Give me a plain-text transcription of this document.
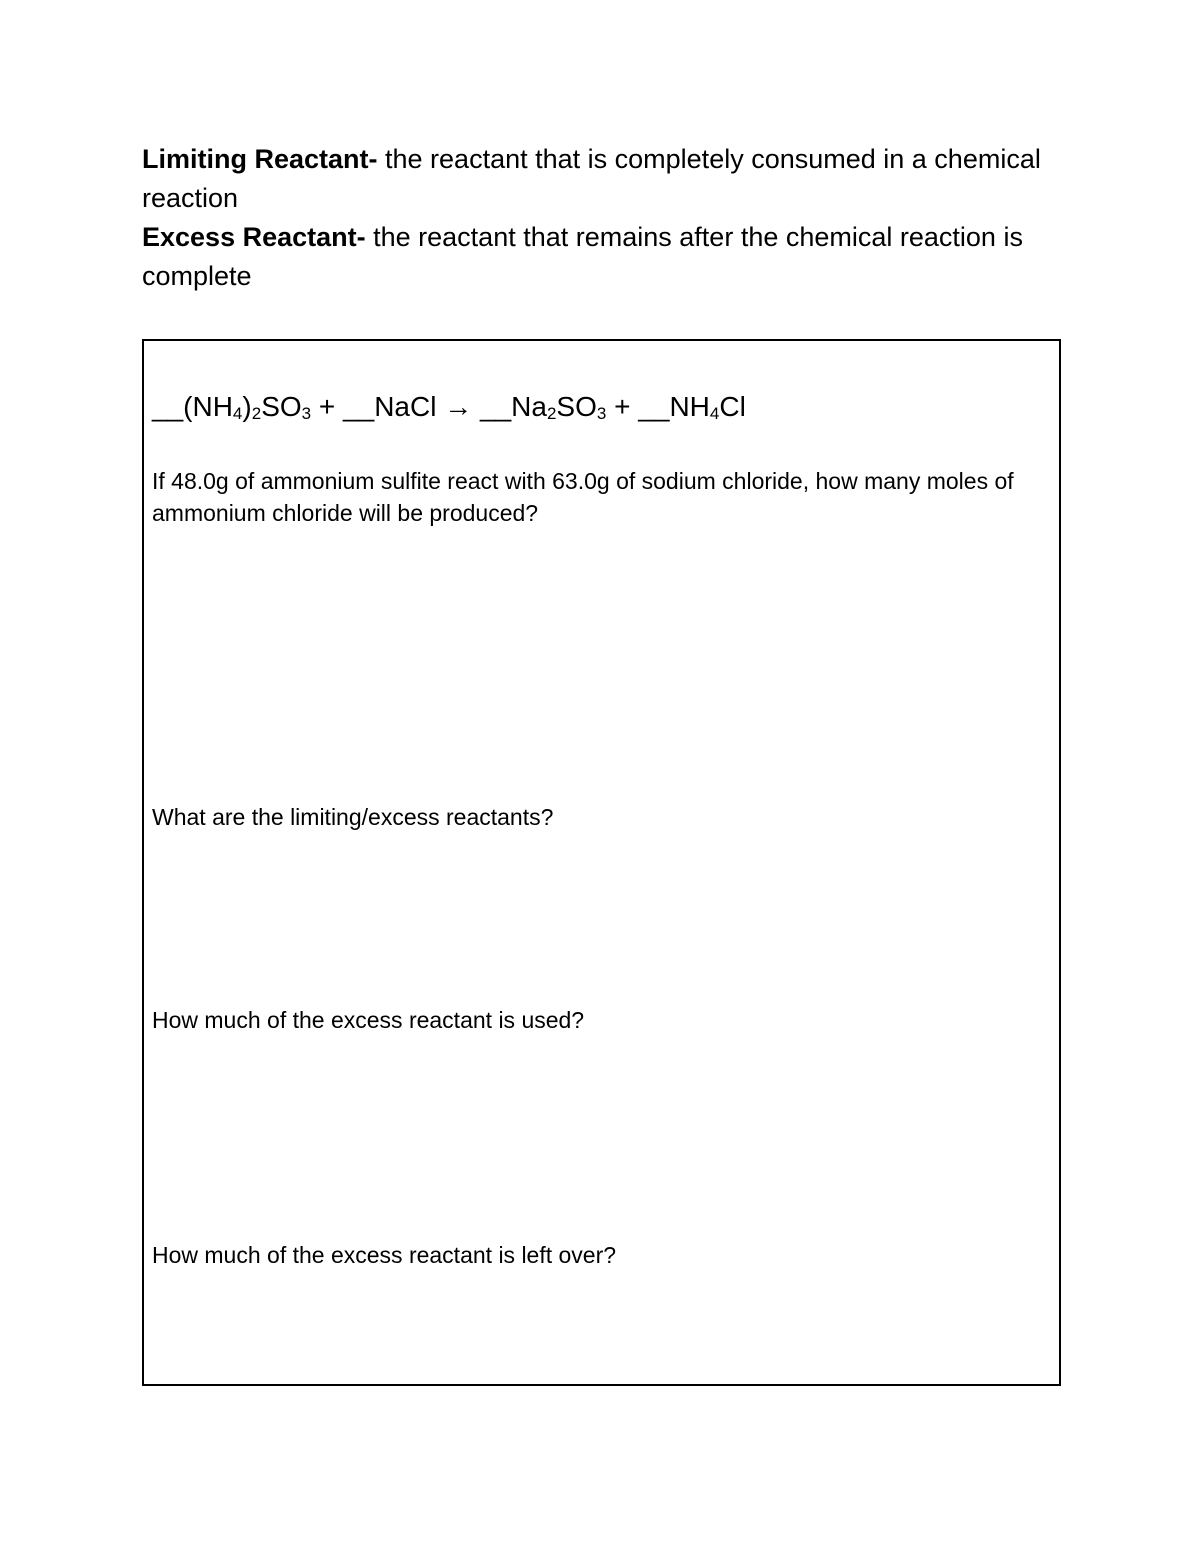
Limiting Reactant- the reactant that is completely consumed in a chemical reaction

Excess Reactant- the reactant that remains after the chemical reaction is complete

$\_\_(NH_4)_2SO_3$ + __NaCl → $\_\_Na_2SO_3$ + $\_\_NH_4Cl$

If 48.0g of ammonium sulfite react with 63.0g of sodium chloride, how many moles of ammonium chloride will be produced?

What are the limiting/excess reactants?

How much of the excess reactant is used?

How much of the excess reactant is left over?
